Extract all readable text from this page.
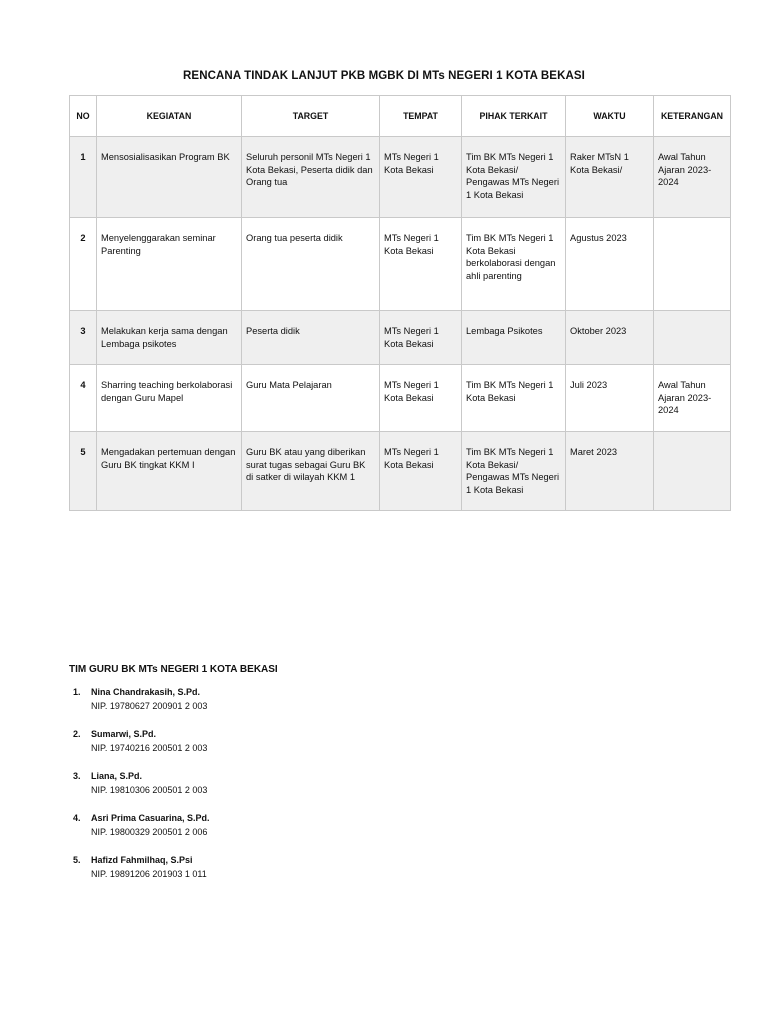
RENCANA TINDAK LANJUT PKB MGBK DI MTs NEGERI 1 KOTA BEKASI
NO	KEGIATAN	TARGET	TEMPAT	PIHAK TERKAIT	WAKTU	KETERANGAN
1	Mensosialisasikan Program BK	Seluruh personil MTs Negeri 1 Kota Bekasi, Peserta didik dan Orang tua	MTs Negeri 1 Kota Bekasi	Tim BK MTs Negeri 1 Kota Bekasi/ Pengawas MTs Negeri 1 Kota Bekasi	Raker MTsN 1 Kota Bekasi/	Awal Tahun Ajaran 2023-2024
2	Menyelenggarakan seminar Parenting	Orang tua peserta didik	MTs Negeri 1 Kota Bekasi	Tim BK MTs Negeri 1 Kota Bekasi berkolaborasi dengan ahli parenting	Agustus 2023	
3	Melakukan kerja sama dengan Lembaga psikotes	Peserta didik	MTs Negeri 1 Kota Bekasi	Lembaga Psikotes	Oktober 2023	
4	Sharring teaching berkolaborasi dengan Guru Mapel	Guru Mata Pelajaran	MTs Negeri 1 Kota Bekasi	Tim BK MTs Negeri 1 Kota Bekasi	Juli 2023	Awal Tahun Ajaran 2023-2024
5	Mengadakan pertemuan dengan Guru BK tingkat KKM I	Guru BK atau yang diberikan surat tugas sebagai Guru BK di satker di wilayah KKM 1	MTs Negeri 1 Kota Bekasi	Tim BK MTs Negeri 1 Kota Bekasi/ Pengawas MTs Negeri 1 Kota Bekasi	Maret 2023	
TIM GURU BK MTs NEGERI 1 KOTA BEKASI
1. Nina Chandrakasih, S.Pd.
NIP. 19780627 200901 2 003
2. Sumarwi, S.Pd.
NIP. 19740216 200501 2 003
3. Liana, S.Pd.
NIP. 19810306 200501 2 003
4. Asri Prima Casuarina, S.Pd.
NIP. 19800329 200501 2 006
5. Hafizd Fahmilhaq, S.Psi
NIP. 19891206 201903 1 011
